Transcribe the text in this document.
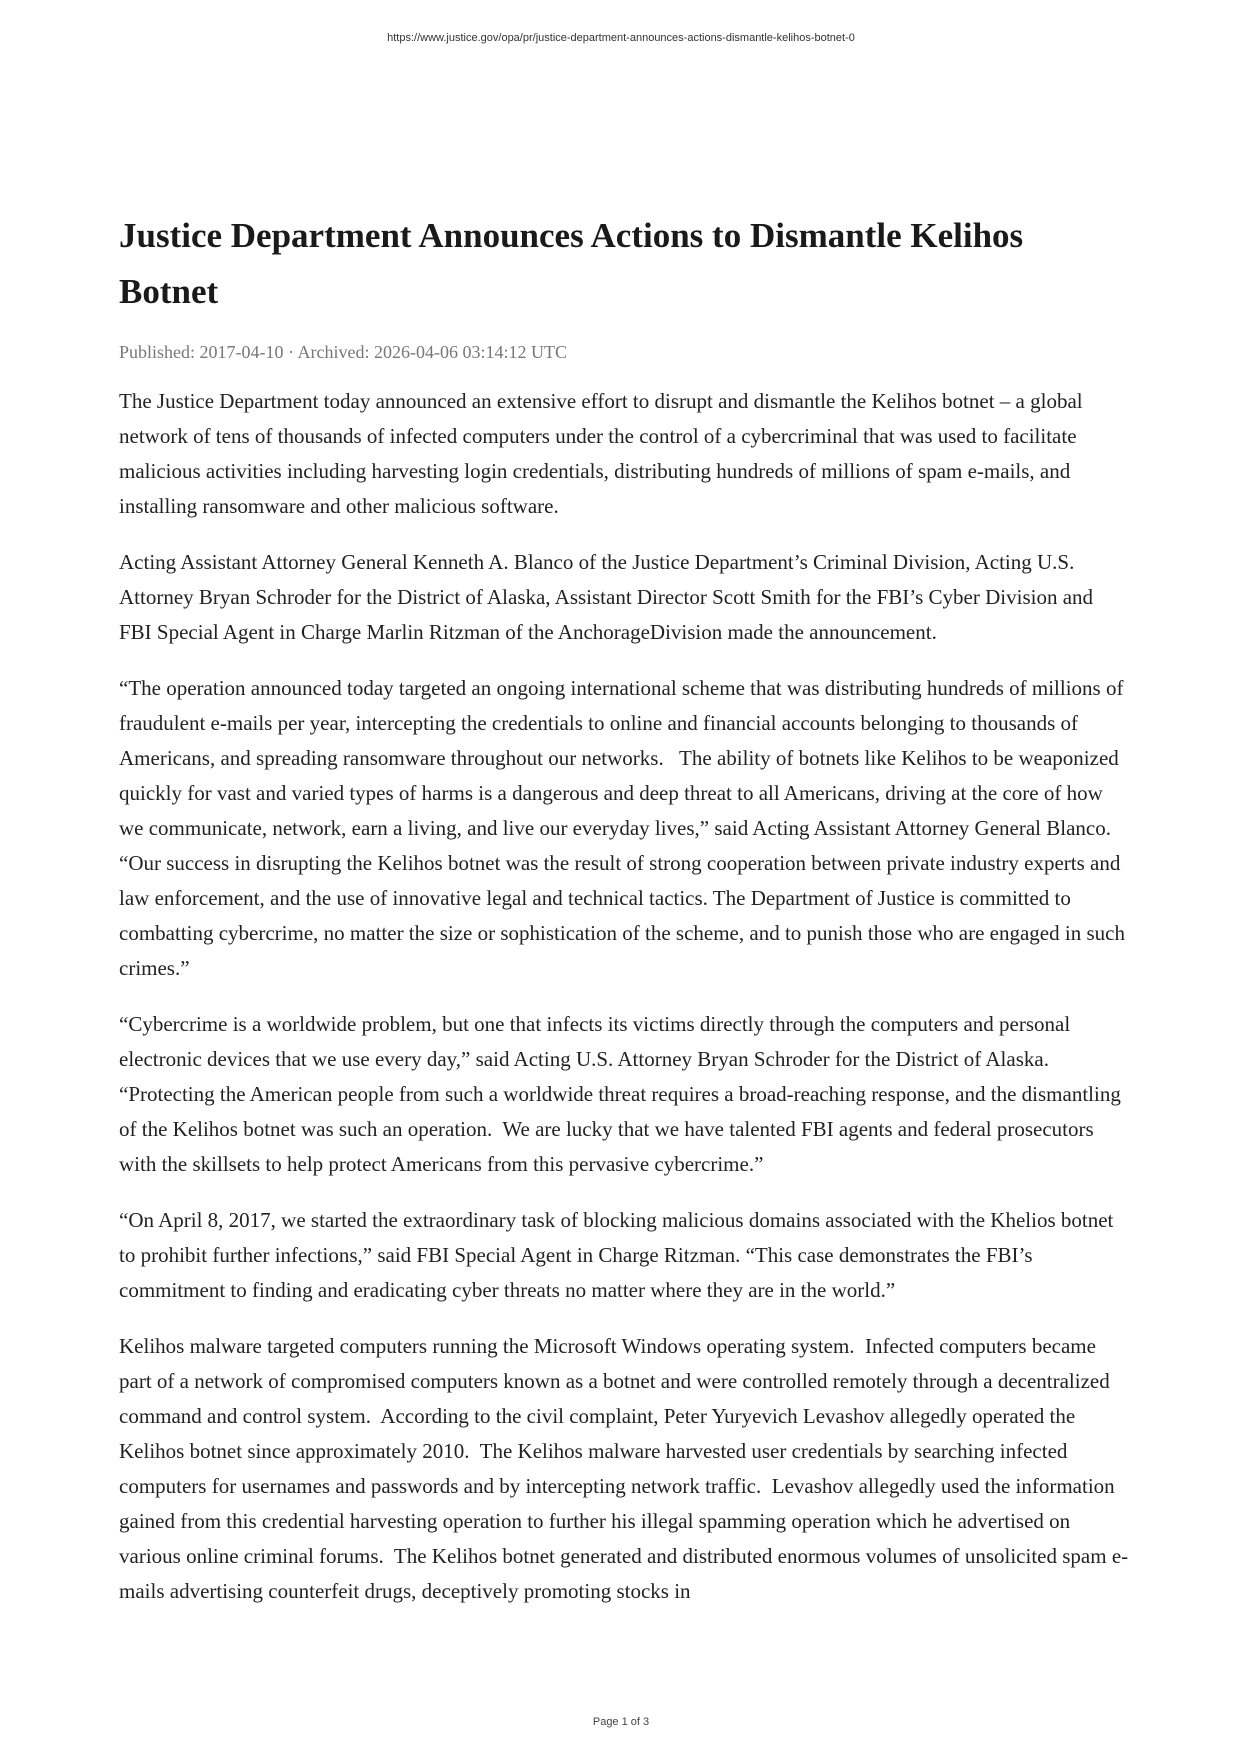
https://www.justice.gov/opa/pr/justice-department-announces-actions-dismantle-kelihos-botnet-0
Justice Department Announces Actions to Dismantle Kelihos Botnet
Published: 2017-04-10 · Archived: 2026-04-06 03:14:12 UTC

The Justice Department today announced an extensive effort to disrupt and dismantle the Kelihos botnet – a global network of tens of thousands of infected computers under the control of a cybercriminal that was used to facilitate malicious activities including harvesting login credentials, distributing hundreds of millions of spam e-mails, and installing ransomware and other malicious software.

Acting Assistant Attorney General Kenneth A. Blanco of the Justice Department’s Criminal Division, Acting U.S. Attorney Bryan Schroder for the District of Alaska, Assistant Director Scott Smith for the FBI’s Cyber Division and FBI Special Agent in Charge Marlin Ritzman of the AnchorageDivision made the announcement.

“The operation announced today targeted an ongoing international scheme that was distributing hundreds of millions of fraudulent e-mails per year, intercepting the credentials to online and financial accounts belonging to thousands of Americans, and spreading ransomware throughout our networks.   The ability of botnets like Kelihos to be weaponized quickly for vast and varied types of harms is a dangerous and deep threat to all Americans, driving at the core of how we communicate, network, earn a living, and live our everyday lives,” said Acting Assistant Attorney General Blanco.  “Our success in disrupting the Kelihos botnet was the result of strong cooperation between private industry experts and law enforcement, and the use of innovative legal and technical tactics. The Department of Justice is committed to combatting cybercrime, no matter the size or sophistication of the scheme, and to punish those who are engaged in such crimes.”

“Cybercrime is a worldwide problem, but one that infects its victims directly through the computers and personal electronic devices that we use every day,” said Acting U.S. Attorney Bryan Schroder for the District of Alaska.  “Protecting the American people from such a worldwide threat requires a broad-reaching response, and the dismantling of the Kelihos botnet was such an operation.  We are lucky that we have talented FBI agents and federal prosecutors with the skillsets to help protect Americans from this pervasive cybercrime.”

“On April 8, 2017, we started the extraordinary task of blocking malicious domains associated with the Khelios botnet to prohibit further infections,” said FBI Special Agent in Charge Ritzman. “This case demonstrates the FBI’s commitment to finding and eradicating cyber threats no matter where they are in the world.”

Kelihos malware targeted computers running the Microsoft Windows operating system.  Infected computers became part of a network of compromised computers known as a botnet and were controlled remotely through a decentralized command and control system.  According to the civil complaint, Peter Yuryevich Levashov allegedly operated the Kelihos botnet since approximately 2010.  The Kelihos malware harvested user credentials by searching infected computers for usernames and passwords and by intercepting network traffic.  Levashov allegedly used the information gained from this credential harvesting operation to further his illegal spamming operation which he advertised on various online criminal forums.  The Kelihos botnet generated and distributed enormous volumes of unsolicited spam e-mails advertising counterfeit drugs, deceptively promoting stocks in

Page 1 of 3
